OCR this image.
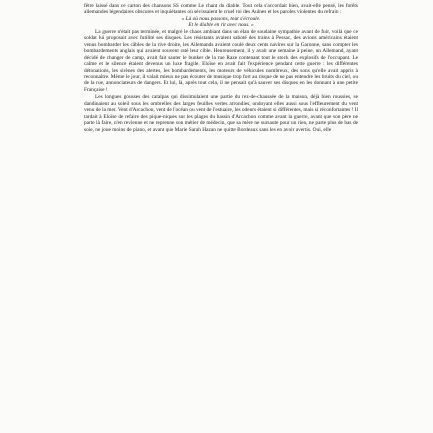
fêtre laissé dans ce carton des chansons SS comme Le chant du diable. Tout cela s'accordait bien, avait-elle pensé, les forêts allemandes légendaires obscures et inquiétantes où sévissaient le cruel roi des Aulnes et les paroles violentes du refrain :

« Là où nous passons, tout s'écroule.

Et le diable en rit avec nous. »

La guerre n'était pas terminée, et malgré le chaos ambiant dans un élan de soudaine sympathie avant de fuir, voilà que ce soldat lui proposait avec futilité ses disques. Les résistants avaient saboté des trains à Pessac, des avions américains étaient venus bombarder les câbles de la rive droite, les Allemands avaient coulé deux cents navires sur la Garonne, sans compter les bombardements anglais qui avaient souvent raté leur cible. Heureusement, il y avait une semaine à peine, un Allemand, ayant décidé de changer de camp, avait fait sauter le bunker de la rue Raze contenant tout le stock des explosifs de l'occupant. Le calme et le silence étaient devenus un luxe fragile. Eloïse en avait fait l'expérience pendant cette guerre : les différentes détonations, les sirènes des alertes, les bombardements, les moteurs de véhicules nombreux, des sons qu'elle avait appris à reconnaître. Même le jour, il valait mieux ne pas écouter de musique trop fort au risque de ne pas entendre les bruits du ciel, ou de la rue, annonciateurs de dangers. Et lui, là, après tout cela, il ne pensait qu'à sauver ses disques en les donnant à une petite Française !

Les longues gousses des catalpas qui dissimulaient une partie du rez-de-chaussée de la maison, déjà bien roussies, se dandinaient au soleil sous les ombrelles des larges feuilles vertes arrondies, ondoyant elles aussi sous l'effleurement du vent venu de la mer. Vent d'Arcachon, vent de l'océan ou vent de l'estuaire, les odeurs étaient si différentes, mais si réconfortantes ! Il tardait à Eloïse de refaire des pique-niques sur les plages du bassin d'Arcachon comme avant la guerre, avant que son père ne parte là faire, n'en revienne et ne reprenne son métier de médecin, que sa mère ne sursaute pour un rien, ne parte plus de bas de soie, ne joue moins de piano, et avant que Marie Sarah Hazan ne quitte Bordeaux sans les en avoir avertis. Oui, elle
